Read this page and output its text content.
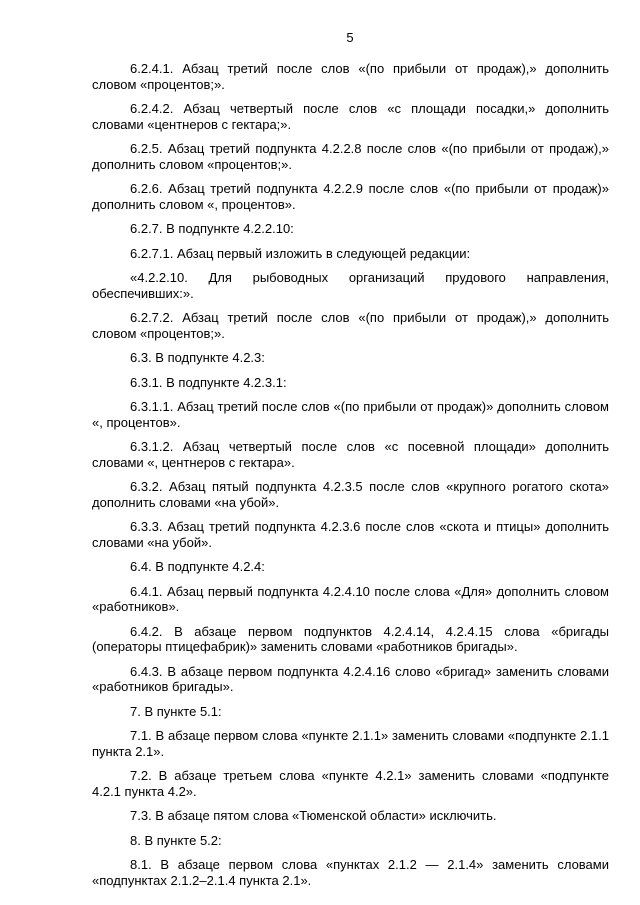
5

6.2.4.1. Абзац третий после слов «(по прибыли от продаж),» дополнить словом «процентов;».

6.2.4.2. Абзац четвертый после слов «с площади посадки,» дополнить словами «центнеров с гектара;».

6.2.5. Абзац третий подпункта 4.2.2.8 после слов «(по прибыли от продаж),» дополнить словом «процентов;».

6.2.6. Абзац третий подпункта 4.2.2.9 после слов «(по прибыли от продаж)» дополнить словом «, процентов».

6.2.7. В подпункте 4.2.2.10:

6.2.7.1. Абзац первый изложить в следующей редакции:

«4.2.2.10. Для рыбоводных организаций прудового направления, обеспечивших:».

6.2.7.2. Абзац третий после слов «(по прибыли от продаж),» дополнить словом «процентов;».

6.3. В подпункте 4.2.3:

6.3.1. В подпункте 4.2.3.1:

6.3.1.1. Абзац третий после слов «(по прибыли от продаж)» дополнить словом «, процентов».

6.3.1.2. Абзац четвертый после слов «с посевной площади» дополнить словами «, центнеров с гектара».

6.3.2. Абзац пятый подпункта 4.2.3.5 после слов «крупного рогатого скота» дополнить словами «на убой».

6.3.3. Абзац третий подпункта 4.2.3.6 после слов «скота и птицы» дополнить словами «на убой».

6.4. В подпункте 4.2.4:

6.4.1. Абзац первый подпункта 4.2.4.10 после слова «Для» дополнить словом «работников».

6.4.2. В абзаце первом подпунктов 4.2.4.14, 4.2.4.15 слова «бригады (операторы птицефабрик)» заменить словами «работников бригады».

6.4.3. В абзаце первом подпункта 4.2.4.16 слово «бригад» заменить словами «работников бригады».

7. В пункте 5.1:

7.1. В абзаце первом слова «пункте 2.1.1» заменить словами «подпункте 2.1.1 пункта 2.1».

7.2. В абзаце третьем слова «пункте 4.2.1» заменить словами «подпункте 4.2.1 пункта 4.2».

7.3. В абзаце пятом слова «Тюменской области» исключить.

8. В пункте 5.2:

8.1. В абзаце первом слова «пунктах 2.1.2 — 2.1.4» заменить словами «подпунктах 2.1.2–2.1.4 пункта 2.1».
